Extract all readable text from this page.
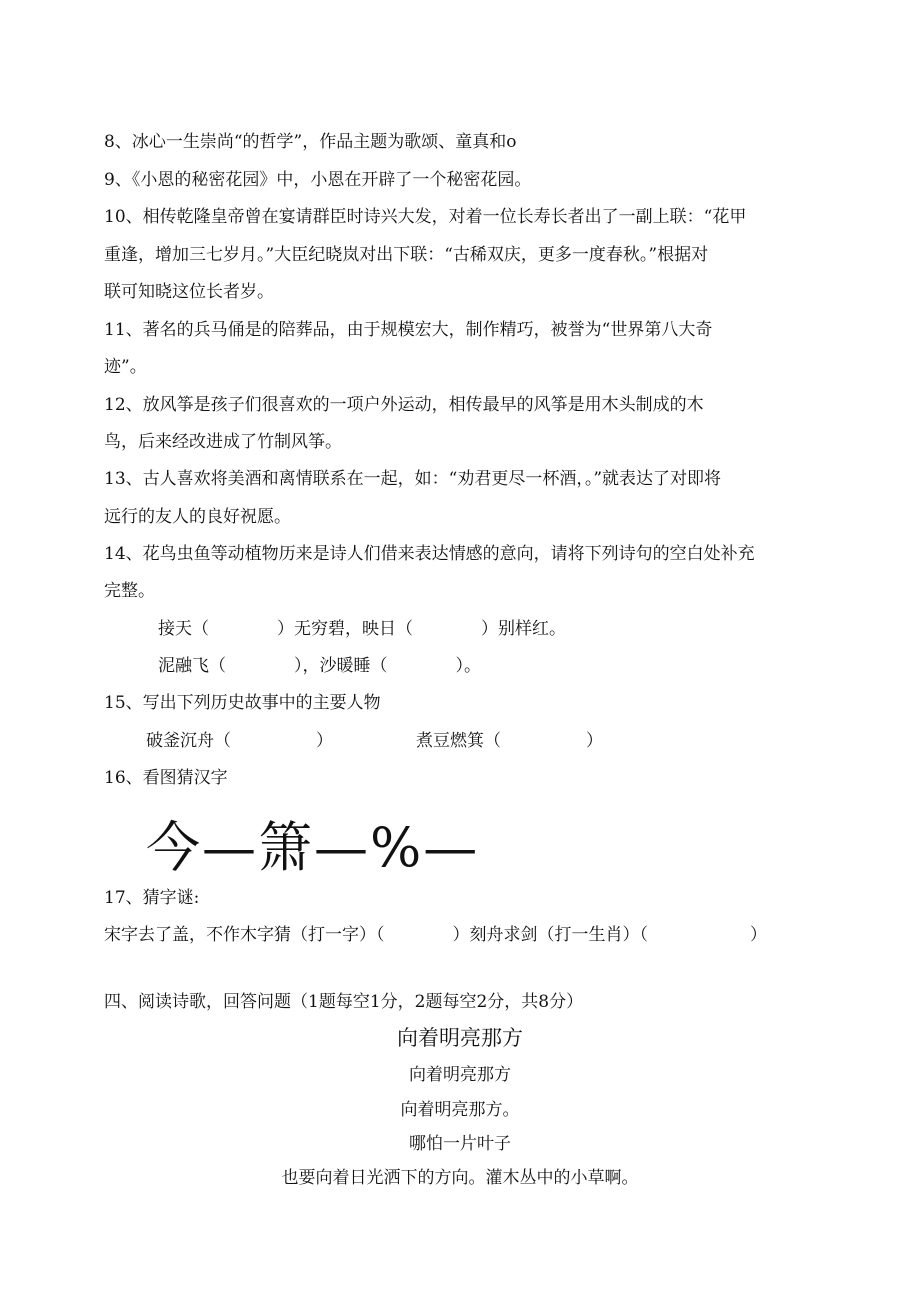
8、冰心一生崇尚“的哲学”，作品主题为歌颂、童真和o
9、《小恩的秘密花园》中，小恩在开辟了一个秘密花园。
10、相传乾隆皇帝曾在宴请群臣时诗兴大发，对着一位长寿长者出了一副上联：“花甲
重逢，增加三七岁月。”大臣纪晓岚对出下联：“古稀双庆，更多一度春秋。”根据对
联可知晓这位长者岁。
11、著名的兵马俑是的陪葬品，由于规模宏大，制作精巧，被誉为“世界第八大奇
迹”。
12、放风筝是孩子们很喜欢的一项户外运动，相传最早的风筝是用木头制成的木
鸟，后来经改进成了竹制风筝。
13、古人喜欢将美酒和离情联系在一起，如：“劝君更尽一杯酒，。”就表达了对即将
远行的友人的良好祝愿。
14、花鸟虫鱼等动植物历来是诗人们借来表达情感的意向，请将下列诗句的空白处补充
完整。
接天（　　　　）无穷碧，映日（　　　　）别样红。
泥融飞（　　　　），沙暖睡（　　　　）。
15、写出下列历史故事中的主要人物
破釜沉舟（　　　　　）	煮豆燃箕（　　　　　）
16、看图猜汉字
今—箫—%—
17、猜字谜:
宋字去了盖，不作木字猜（打一字）（　　　　）刻舟求剑（打一生肖）（　　　　　　）
四、阅读诗歌，回答问题（1题每空1分，2题每空2分，共8分）
向着明亮那方
向着明亮那方
向着明亮那方。
哪怕一片叶子
也要向着日光洒下的方向。灌木丛中的小草啊。
